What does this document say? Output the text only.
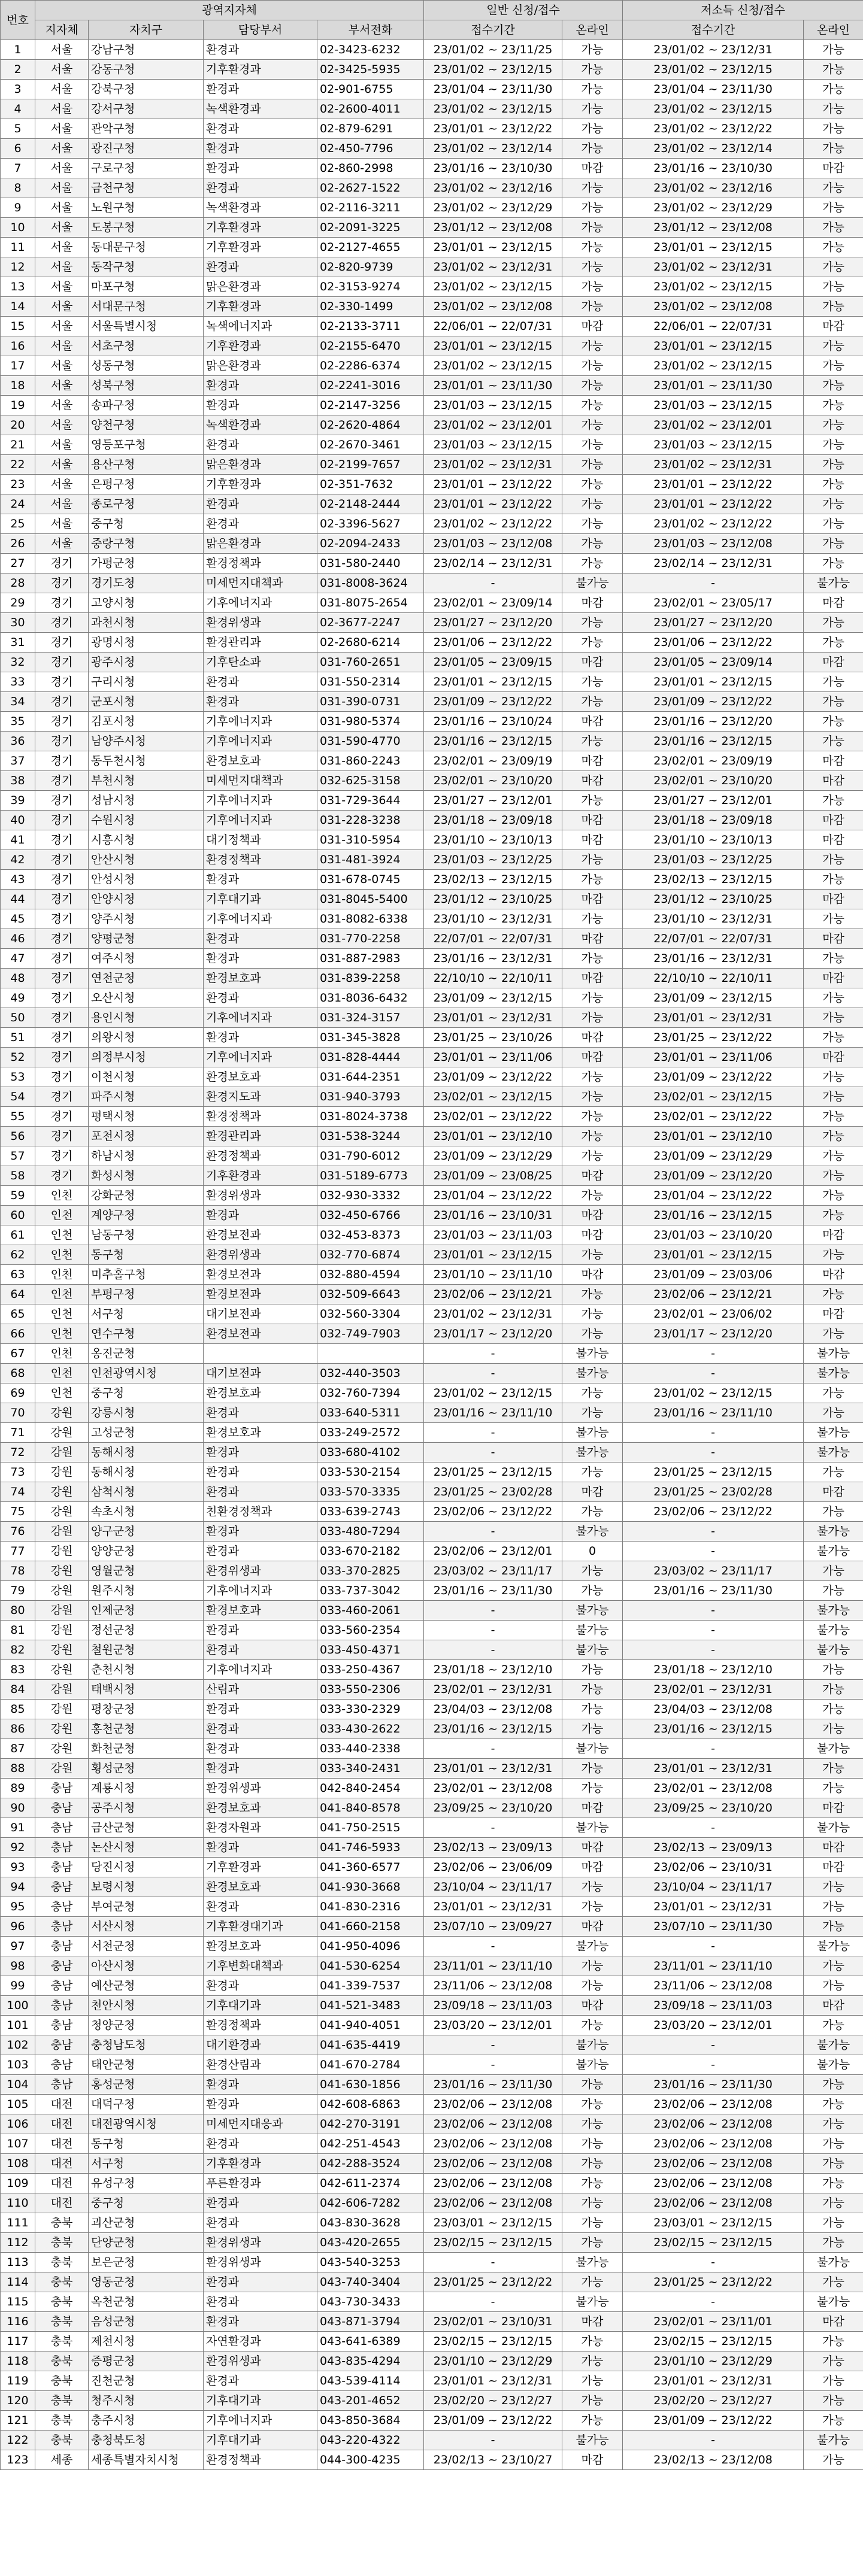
번호	광역지자체				일반 신청/접수		저소득 신청/접수	
	지자체	자치구	담당부서	부서전화	접수기간	온라인	접수기간	온라인
1	서울	강남구청	환경과	02-3423-6232	23/01/02 ~ 23/11/25	가능	23/01/02 ~ 23/12/31	가능
2	서울	강동구청	기후환경과	02-3425-5935	23/01/02 ~ 23/12/15	가능	23/01/02 ~ 23/12/15	가능
3	서울	강북구청	환경과	02-901-6755	23/01/04 ~ 23/11/30	가능	23/01/04 ~ 23/11/30	가능
4	서울	강서구청	녹색환경과	02-2600-4011	23/01/02 ~ 23/12/15	가능	23/01/02 ~ 23/12/15	가능
5	서울	관악구청	환경과	02-879-6291	23/01/01 ~ 23/12/22	가능	23/01/02 ~ 23/12/22	가능
6	서울	광진구청	환경과	02-450-7796	23/01/02 ~ 23/12/14	가능	23/01/02 ~ 23/12/14	가능
7	서울	구로구청	환경과	02-860-2998	23/01/16 ~ 23/10/30	마감	23/01/16 ~ 23/10/30	마감
8	서울	금천구청	환경과	02-2627-1522	23/01/02 ~ 23/12/16	가능	23/01/02 ~ 23/12/16	가능
9	서울	노원구청	녹색환경과	02-2116-3211	23/01/02 ~ 23/12/29	가능	23/01/02 ~ 23/12/29	가능
10	서울	도봉구청	기후환경과	02-2091-3225	23/01/12 ~ 23/12/08	가능	23/01/12 ~ 23/12/08	가능
11	서울	동대문구청	기후환경과	02-2127-4655	23/01/01 ~ 23/12/15	가능	23/01/01 ~ 23/12/15	가능
12	서울	동작구청	환경과	02-820-9739	23/01/02 ~ 23/12/31	가능	23/01/02 ~ 23/12/31	가능
13	서울	마포구청	맑은환경과	02-3153-9274	23/01/02 ~ 23/12/15	가능	23/01/02 ~ 23/12/15	가능
14	서울	서대문구청	기후환경과	02-330-1499	23/01/02 ~ 23/12/08	가능	23/01/02 ~ 23/12/08	가능
15	서울	서울특별시청	녹색에너지과	02-2133-3711	22/06/01 ~ 22/07/31	마감	22/06/01 ~ 22/07/31	마감
16	서울	서초구청	기후환경과	02-2155-6470	23/01/01 ~ 23/12/15	가능	23/01/01 ~ 23/12/15	가능
17	서울	성동구청	맑은환경과	02-2286-6374	23/01/02 ~ 23/12/15	가능	23/01/02 ~ 23/12/15	가능
18	서울	성북구청	환경과	02-2241-3016	23/01/01 ~ 23/11/30	가능	23/01/01 ~ 23/11/30	가능
19	서울	송파구청	환경과	02-2147-3256	23/01/03 ~ 23/12/15	가능	23/01/03 ~ 23/12/15	가능
20	서울	양천구청	녹색환경과	02-2620-4864	23/01/02 ~ 23/12/01	가능	23/01/02 ~ 23/12/01	가능
21	서울	영등포구청	환경과	02-2670-3461	23/01/03 ~ 23/12/15	가능	23/01/03 ~ 23/12/15	가능
22	서울	용산구청	맑은환경과	02-2199-7657	23/01/02 ~ 23/12/31	가능	23/01/02 ~ 23/12/31	가능
23	서울	은평구청	기후환경과	02-351-7632	23/01/01 ~ 23/12/22	가능	23/01/01 ~ 23/12/22	가능
24	서울	종로구청	환경과	02-2148-2444	23/01/01 ~ 23/12/22	가능	23/01/01 ~ 23/12/22	가능
25	서울	중구청	환경과	02-3396-5627	23/01/02 ~ 23/12/22	가능	23/01/02 ~ 23/12/22	가능
26	서울	중랑구청	맑은환경과	02-2094-2433	23/01/03 ~ 23/12/08	가능	23/01/03 ~ 23/12/08	가능
27	경기	가평군청	환경정책과	031-580-2440	23/02/14 ~ 23/12/31	가능	23/02/14 ~ 23/12/31	가능
28	경기	경기도청	미세먼지대책과	031-8008-3624	-	불가능	-	불가능
29	경기	고양시청	기후에너지과	031-8075-2654	23/02/01 ~ 23/09/14	마감	23/02/01 ~ 23/05/17	마감
30	경기	과천시청	환경위생과	02-3677-2247	23/01/27 ~ 23/12/20	가능	23/01/27 ~ 23/12/20	가능
31	경기	광명시청	환경관리과	02-2680-6214	23/01/06 ~ 23/12/22	가능	23/01/06 ~ 23/12/22	가능
32	경기	광주시청	기후탄소과	031-760-2651	23/01/05 ~ 23/09/15	마감	23/01/05 ~ 23/09/14	마감
33	경기	구리시청	환경과	031-550-2314	23/01/01 ~ 23/12/15	가능	23/01/01 ~ 23/12/15	가능
34	경기	군포시청	환경과	031-390-0731	23/01/09 ~ 23/12/22	가능	23/01/09 ~ 23/12/22	가능
35	경기	김포시청	기후에너지과	031-980-5374	23/01/16 ~ 23/10/24	마감	23/01/16 ~ 23/12/20	가능
36	경기	남양주시청	기후에너지과	031-590-4770	23/01/16 ~ 23/12/15	가능	23/01/16 ~ 23/12/15	가능
37	경기	동두천시청	환경보호과	031-860-2243	23/02/01 ~ 23/09/19	마감	23/02/01 ~ 23/09/19	마감
38	경기	부천시청	미세먼지대책과	032-625-3158	23/02/01 ~ 23/10/20	마감	23/02/01 ~ 23/10/20	마감
39	경기	성남시청	기후에너지과	031-729-3644	23/01/27 ~ 23/12/01	가능	23/01/27 ~ 23/12/01	가능
40	경기	수원시청	기후에너지과	031-228-3238	23/01/18 ~ 23/09/18	마감	23/01/18 ~ 23/09/18	마감
41	경기	시흥시청	대기정책과	031-310-5954	23/01/10 ~ 23/10/13	마감	23/01/10 ~ 23/10/13	마감
42	경기	안산시청	환경정책과	031-481-3924	23/01/03 ~ 23/12/25	가능	23/01/03 ~ 23/12/25	가능
43	경기	안성시청	환경과	031-678-0745	23/02/13 ~ 23/12/15	가능	23/02/13 ~ 23/12/15	가능
44	경기	안양시청	기후대기과	031-8045-5400	23/01/12 ~ 23/10/25	마감	23/01/12 ~ 23/10/25	마감
45	경기	양주시청	기후에너지과	031-8082-6338	23/01/10 ~ 23/12/31	가능	23/01/10 ~ 23/12/31	가능
46	경기	양평군청	환경과	031-770-2258	22/07/01 ~ 22/07/31	마감	22/07/01 ~ 22/07/31	마감
47	경기	여주시청	환경과	031-887-2983	23/01/16 ~ 23/12/31	가능	23/01/16 ~ 23/12/31	가능
48	경기	연천군청	환경보호과	031-839-2258	22/10/10 ~ 22/10/11	마감	22/10/10 ~ 22/10/11	마감
49	경기	오산시청	환경과	031-8036-6432	23/01/09 ~ 23/12/15	가능	23/01/09 ~ 23/12/15	가능
50	경기	용인시청	기후에너지과	031-324-3157	23/01/01 ~ 23/12/31	가능	23/01/01 ~ 23/12/31	가능
51	경기	의왕시청	환경과	031-345-3828	23/01/25 ~ 23/10/26	마감	23/01/25 ~ 23/12/22	가능
52	경기	의정부시청	기후에너지과	031-828-4444	23/01/01 ~ 23/11/06	마감	23/01/01 ~ 23/11/06	마감
53	경기	이천시청	환경보호과	031-644-2351	23/01/09 ~ 23/12/22	가능	23/01/09 ~ 23/12/22	가능
54	경기	파주시청	환경지도과	031-940-3793	23/02/01 ~ 23/12/15	가능	23/02/01 ~ 23/12/15	가능
55	경기	평택시청	환경정책과	031-8024-3738	23/02/01 ~ 23/12/22	가능	23/02/01 ~ 23/12/22	가능
56	경기	포천시청	환경관리과	031-538-3244	23/01/01 ~ 23/12/10	가능	23/01/01 ~ 23/12/10	가능
57	경기	하남시청	환경정책과	031-790-6012	23/01/09 ~ 23/12/29	가능	23/01/09 ~ 23/12/29	가능
58	경기	화성시청	기후환경과	031-5189-6773	23/01/09 ~ 23/08/25	마감	23/01/09 ~ 23/12/20	가능
59	인천	강화군청	환경위생과	032-930-3332	23/01/04 ~ 23/12/22	가능	23/01/04 ~ 23/12/22	가능
60	인천	계양구청	환경과	032-450-6766	23/01/16 ~ 23/10/31	마감	23/01/16 ~ 23/12/15	가능
61	인천	남동구청	환경보전과	032-453-8373	23/01/03 ~ 23/11/03	마감	23/01/03 ~ 23/10/20	마감
62	인천	동구청	환경위생과	032-770-6874	23/01/01 ~ 23/12/15	가능	23/01/01 ~ 23/12/15	가능
63	인천	미추홀구청	환경보전과	032-880-4594	23/01/10 ~ 23/11/10	마감	23/01/09 ~ 23/03/06	마감
64	인천	부평구청	환경보전과	032-509-6643	23/02/06 ~ 23/12/21	가능	23/02/06 ~ 23/12/21	가능
65	인천	서구청	대기보전과	032-560-3304	23/01/02 ~ 23/12/31	가능	23/02/01 ~ 23/06/02	마감
66	인천	연수구청	환경보전과	032-749-7903	23/01/17 ~ 23/12/20	가능	23/01/17 ~ 23/12/20	가능
67	인천	옹진군청			-	불가능	-	불가능
68	인천	인천광역시청	대기보전과	032-440-3503	-	불가능	-	불가능
69	인천	중구청	환경보호과	032-760-7394	23/01/02 ~ 23/12/15	가능	23/01/02 ~ 23/12/15	가능
70	강원	강릉시청	환경과	033-640-5311	23/01/16 ~ 23/11/10	가능	23/01/16 ~ 23/11/10	가능
71	강원	고성군청	환경보호과	033-249-2572	-	불가능	-	불가능
72	강원	동해시청	환경과	033-680-4102	-	불가능	-	불가능
73	강원	동해시청	환경과	033-530-2154	23/01/25 ~ 23/12/15	가능	23/01/25 ~ 23/12/15	가능
74	강원	삼척시청	환경과	033-570-3335	23/01/25 ~ 23/02/28	마감	23/01/25 ~ 23/02/28	마감
75	강원	속초시청	친환경정책과	033-639-2743	23/02/06 ~ 23/12/22	가능	23/02/06 ~ 23/12/22	가능
76	강원	양구군청	환경과	033-480-7294	-	불가능	-	불가능
77	강원	양양군청	환경과	033-670-2182	23/02/06 ~ 23/12/01	0	-	불가능
78	강원	영월군청	환경위생과	033-370-2825	23/03/02 ~ 23/11/17	가능	23/03/02 ~ 23/11/17	가능
79	강원	원주시청	기후에너지과	033-737-3042	23/01/16 ~ 23/11/30	가능	23/01/16 ~ 23/11/30	가능
80	강원	인제군청	환경보호과	033-460-2061	-	불가능	-	불가능
81	강원	정선군청	환경과	033-560-2354	-	불가능	-	불가능
82	강원	철원군청	환경과	033-450-4371	-	불가능	-	불가능
83	강원	춘천시청	기후에너지과	033-250-4367	23/01/18 ~ 23/12/10	가능	23/01/18 ~ 23/12/10	가능
84	강원	태백시청	산림과	033-550-2306	23/02/01 ~ 23/12/31	가능	23/02/01 ~ 23/12/31	가능
85	강원	평창군청	환경과	033-330-2329	23/04/03 ~ 23/12/08	가능	23/04/03 ~ 23/12/08	가능
86	강원	홍천군청	환경과	033-430-2622	23/01/16 ~ 23/12/15	가능	23/01/16 ~ 23/12/15	가능
87	강원	화천군청	환경과	033-440-2338	-	불가능	-	불가능
88	강원	횡성군청	환경과	033-340-2431	23/01/01 ~ 23/12/31	가능	23/01/01 ~ 23/12/31	가능
89	충남	계룡시청	환경위생과	042-840-2454	23/02/01 ~ 23/12/08	가능	23/02/01 ~ 23/12/08	가능
90	충남	공주시청	환경보호과	041-840-8578	23/09/25 ~ 23/10/20	마감	23/09/25 ~ 23/10/20	마감
91	충남	금산군청	환경자원과	041-750-2515	-	불가능	-	불가능
92	충남	논산시청	환경과	041-746-5933	23/02/13 ~ 23/09/13	마감	23/02/13 ~ 23/09/13	마감
93	충남	당진시청	기후환경과	041-360-6577	23/02/06 ~ 23/06/09	마감	23/02/06 ~ 23/10/31	마감
94	충남	보령시청	환경보호과	041-930-3668	23/10/04 ~ 23/11/17	가능	23/10/04 ~ 23/11/17	가능
95	충남	부여군청	환경과	041-830-2316	23/01/01 ~ 23/12/31	가능	23/01/01 ~ 23/12/31	가능
96	충남	서산시청	기후환경대기과	041-660-2158	23/07/10 ~ 23/09/27	마감	23/07/10 ~ 23/11/30	가능
97	충남	서천군청	환경보호과	041-950-4096	-	불가능	-	불가능
98	충남	아산시청	기후변화대책과	041-530-6254	23/11/01 ~ 23/11/10	가능	23/11/01 ~ 23/11/10	가능
99	충남	예산군청	환경과	041-339-7537	23/11/06 ~ 23/12/08	가능	23/11/06 ~ 23/12/08	가능
100	충남	천안시청	기후대기과	041-521-3483	23/09/18 ~ 23/11/03	마감	23/09/18 ~ 23/11/03	마감
101	충남	청양군청	환경정책과	041-940-4051	23/03/20 ~ 23/12/01	가능	23/03/20 ~ 23/12/01	가능
102	충남	충청남도청	대기환경과	041-635-4419	-	불가능	-	불가능
103	충남	태안군청	환경산림과	041-670-2784	-	불가능	-	불가능
104	충남	홍성군청	환경과	041-630-1856	23/01/16 ~ 23/11/30	가능	23/01/16 ~ 23/11/30	가능
105	대전	대덕구청	환경과	042-608-6863	23/02/06 ~ 23/12/08	가능	23/02/06 ~ 23/12/08	가능
106	대전	대전광역시청	미세먼지대응과	042-270-3191	23/02/06 ~ 23/12/08	가능	23/02/06 ~ 23/12/08	가능
107	대전	동구청	환경과	042-251-4543	23/02/06 ~ 23/12/08	가능	23/02/06 ~ 23/12/08	가능
108	대전	서구청	기후환경과	042-288-3524	23/02/06 ~ 23/12/08	가능	23/02/06 ~ 23/12/08	가능
109	대전	유성구청	푸른환경과	042-611-2374	23/02/06 ~ 23/12/08	가능	23/02/06 ~ 23/12/08	가능
110	대전	중구청	환경과	042-606-7282	23/02/06 ~ 23/12/08	가능	23/02/06 ~ 23/12/08	가능
111	충북	괴산군청	환경과	043-830-3628	23/03/01 ~ 23/12/15	가능	23/03/01 ~ 23/12/15	가능
112	충북	단양군청	환경위생과	043-420-2655	23/02/15 ~ 23/12/15	가능	23/02/15 ~ 23/12/15	가능
113	충북	보은군청	환경위생과	043-540-3253	-	불가능	-	불가능
114	충북	영동군청	환경과	043-740-3404	23/01/25 ~ 23/12/22	가능	23/01/25 ~ 23/12/22	가능
115	충북	옥천군청	환경과	043-730-3433	-	불가능	-	불가능
116	충북	음성군청	환경과	043-871-3794	23/02/01 ~ 23/10/31	마감	23/02/01 ~ 23/11/01	마감
117	충북	제천시청	자연환경과	043-641-6389	23/02/15 ~ 23/12/15	가능	23/02/15 ~ 23/12/15	가능
118	충북	증평군청	환경위생과	043-835-4294	23/01/10 ~ 23/12/29	가능	23/01/10 ~ 23/12/29	가능
119	충북	진천군청	환경과	043-539-4114	23/01/01 ~ 23/12/31	가능	23/01/01 ~ 23/12/31	가능
120	충북	청주시청	기후대기과	043-201-4652	23/02/20 ~ 23/12/27	가능	23/02/20 ~ 23/12/27	가능
121	충북	충주시청	기후에너지과	043-850-3684	23/01/09 ~ 23/12/22	가능	23/01/09 ~ 23/12/22	가능
122	충북	충청북도청	기후대기과	043-220-4322	-	불가능	-	불가능
123	세종	세종특별자치시청	환경정책과	044-300-4235	23/02/13 ~ 23/10/27	마감	23/02/13 ~ 23/12/08	가능
